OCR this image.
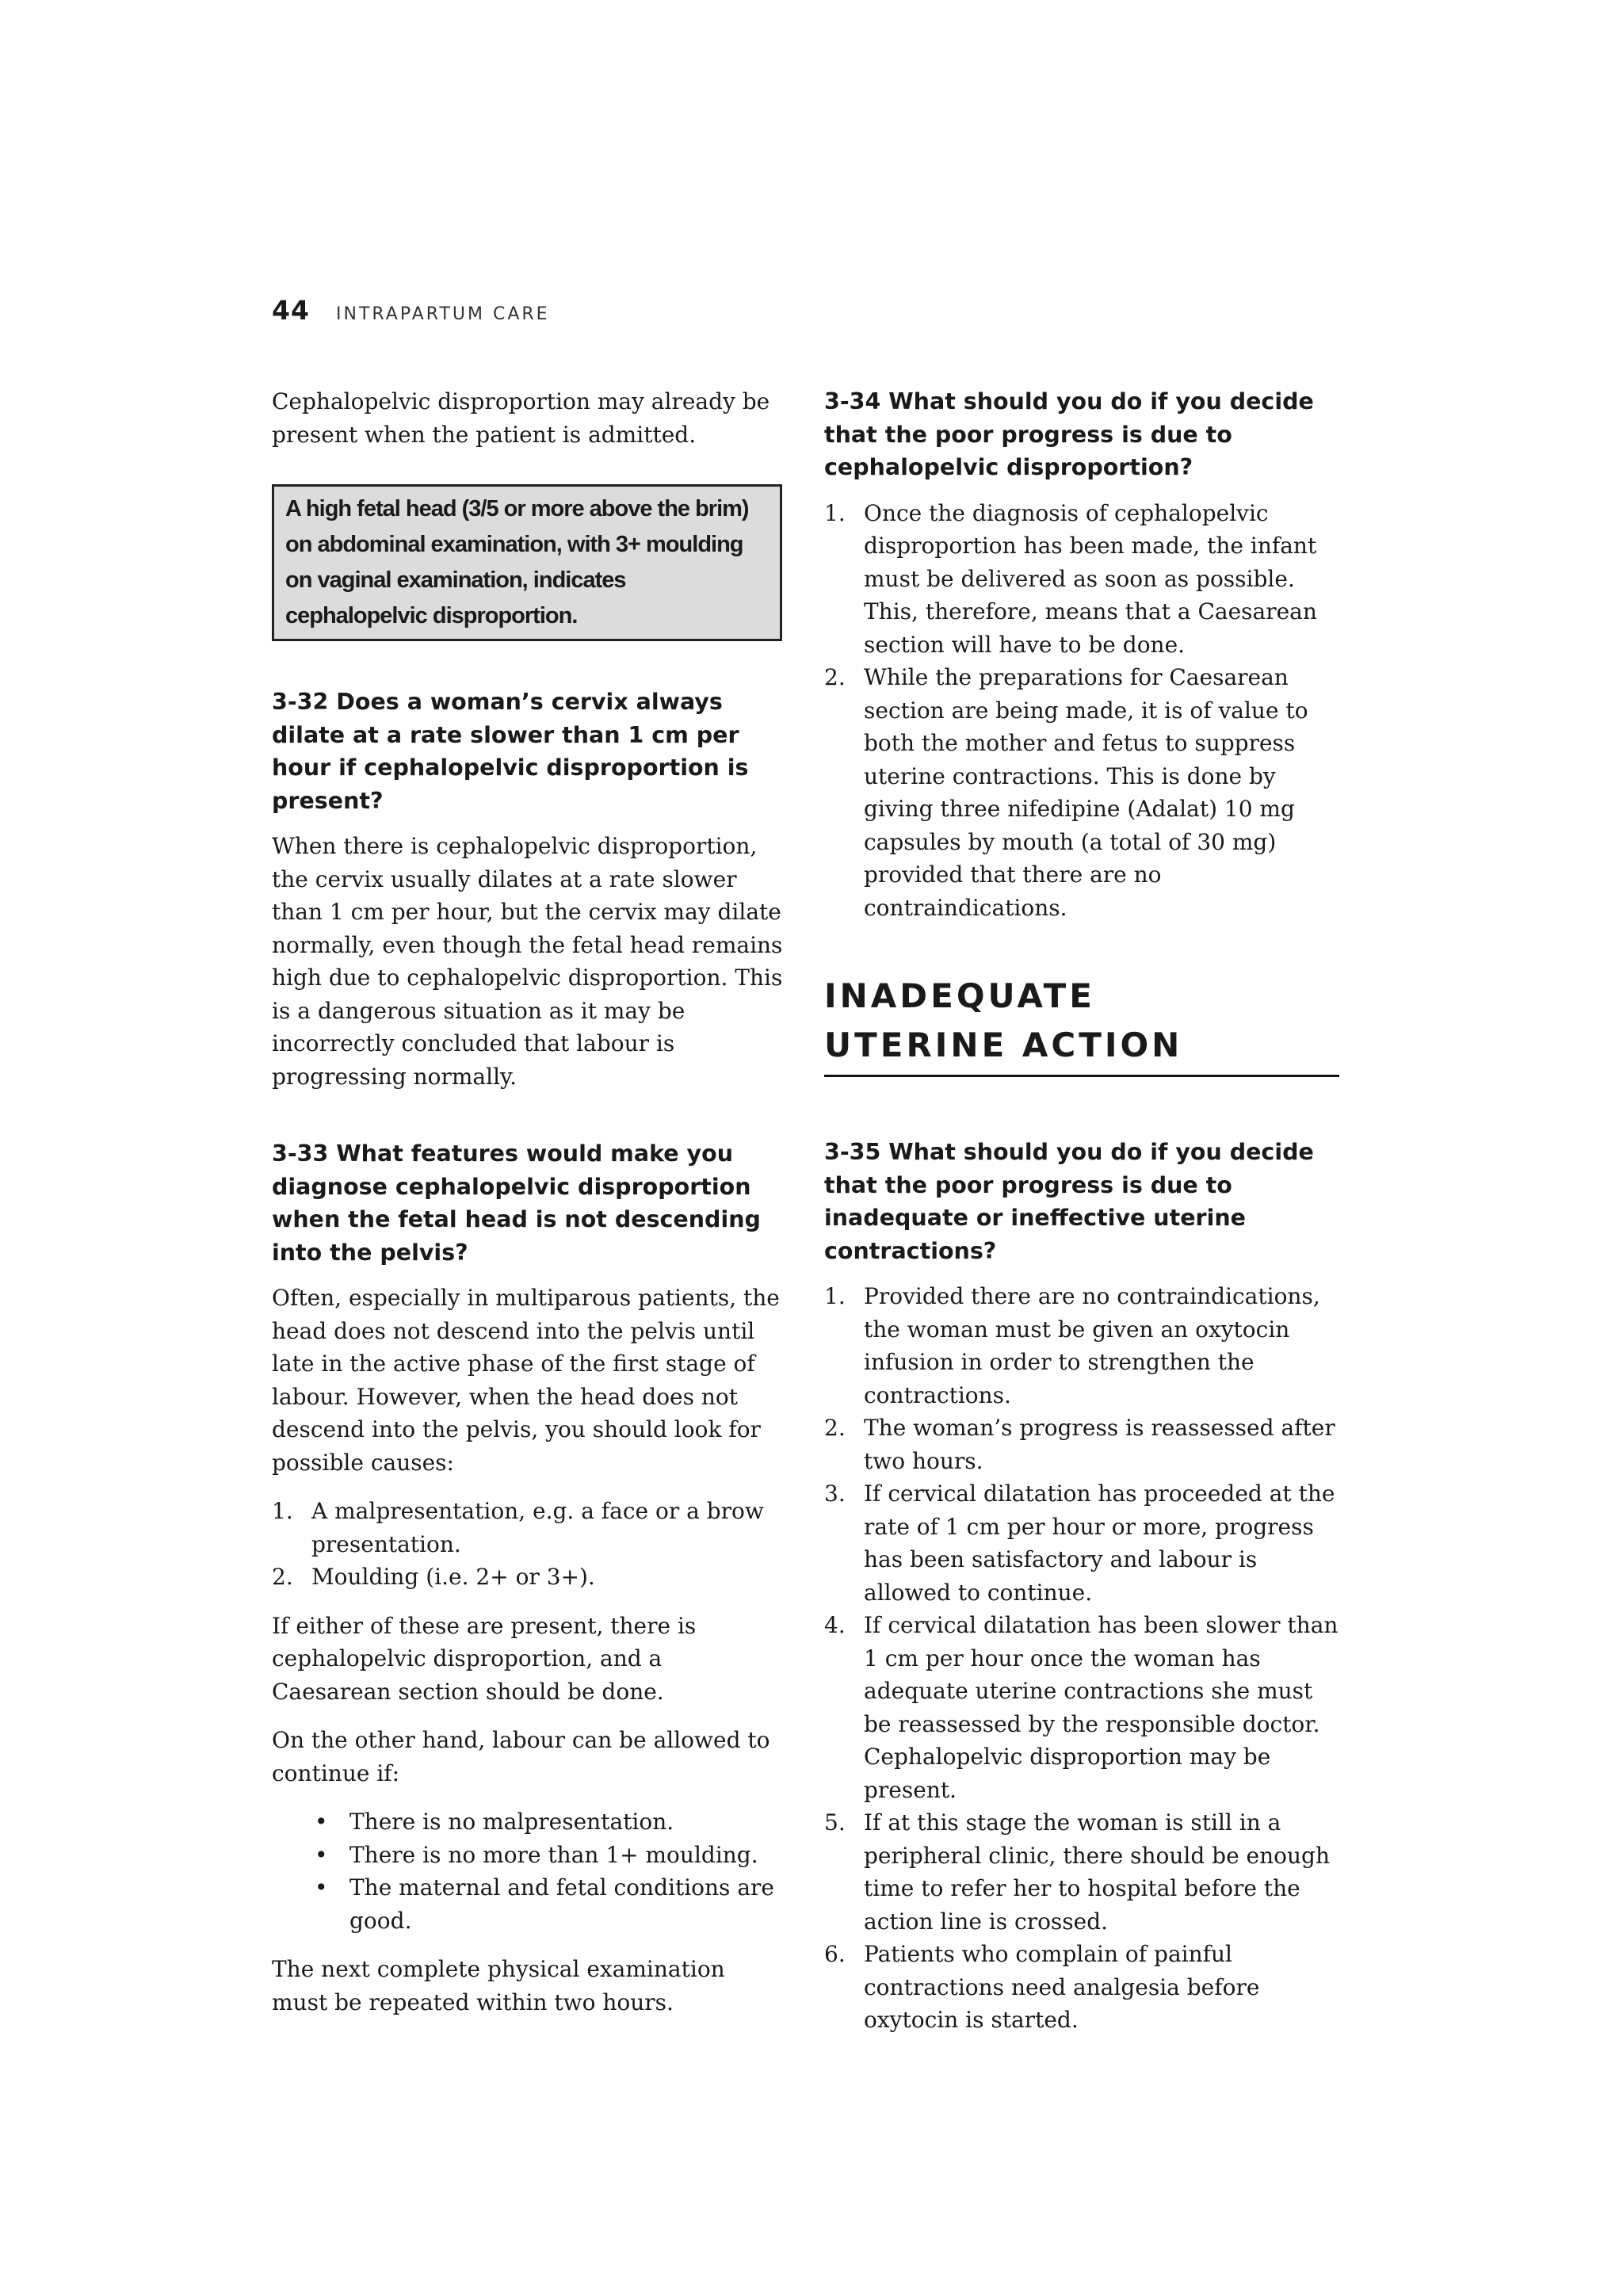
44 INTRAPARTUM CARE

Cephalopelvic disproportion may already be present when the patient is admitted.

A high fetal head (3/5 or more above the brim) on abdominal examination, with 3+ moulding on vaginal examination, indicates cephalopelvic disproportion.
3-32 Does a woman’s cervix always dilate at a rate slower than 1 cm per hour if cephalopelvic disproportion is present?

When there is cephalopelvic disproportion, the cervix usually dilates at a rate slower than 1 cm per hour, but the cervix may dilate normally, even though the fetal head remains high due to cephalopelvic disproportion. This is a dangerous situation as it may be incorrectly concluded that labour is progressing normally.

3-33 What features would make you diagnose cephalopelvic disproportion when the fetal head is not descending into the pelvis?

Often, especially in multiparous patients, the head does not descend into the pelvis until late in the active phase of the first stage of labour. However, when the head does not descend into the pelvis, you should look for possible causes:

1. A malpresentation, e.g. a face or a brow presentation.
2. Moulding (i.e. 2+ or 3+).

If either of these are present, there is cephalopelvic disproportion, and a Caesarean section should be done.

On the other hand, labour can be allowed to continue if:

• There is no malpresentation.
• There is no more than 1+ moulding.
• The maternal and fetal conditions are good.

The next complete physical examination must be repeated within two hours.

3-34 What should you do if you decide that the poor progress is due to cephalopelvic disproportion?
1. Once the diagnosis of cephalopelvic disproportion has been made, the infant must be delivered as soon as possible. This, therefore, means that a Caesarean section will have to be done.
2. While the preparations for Caesarean section are being made, it is of value to both the mother and fetus to suppress uterine contractions. This is done by giving three nifedipine (Adalat) 10 mg capsules by mouth (a total of 30 mg) provided that there are no contraindications.
INADEQUATE
UTERINE ACTION
3-35 What should you do if you decide that the poor progress is due to inadequate or ineffective uterine contractions?
1. Provided there are no contraindications, the woman must be given an oxytocin infusion in order to strengthen the contractions.
2. The woman’s progress is reassessed after two hours.
3. If cervical dilatation has proceeded at the rate of 1 cm per hour or more, progress has been satisfactory and labour is allowed to continue.
4. If cervical dilatation has been slower than 1 cm per hour once the woman has adequate uterine contractions she must be reassessed by the responsible doctor. Cephalopelvic disproportion may be present.
5. If at this stage the woman is still in a peripheral clinic, there should be enough time to refer her to hospital before the action line is crossed.
6. Patients who complain of painful contractions need analgesia before oxytocin is started.
